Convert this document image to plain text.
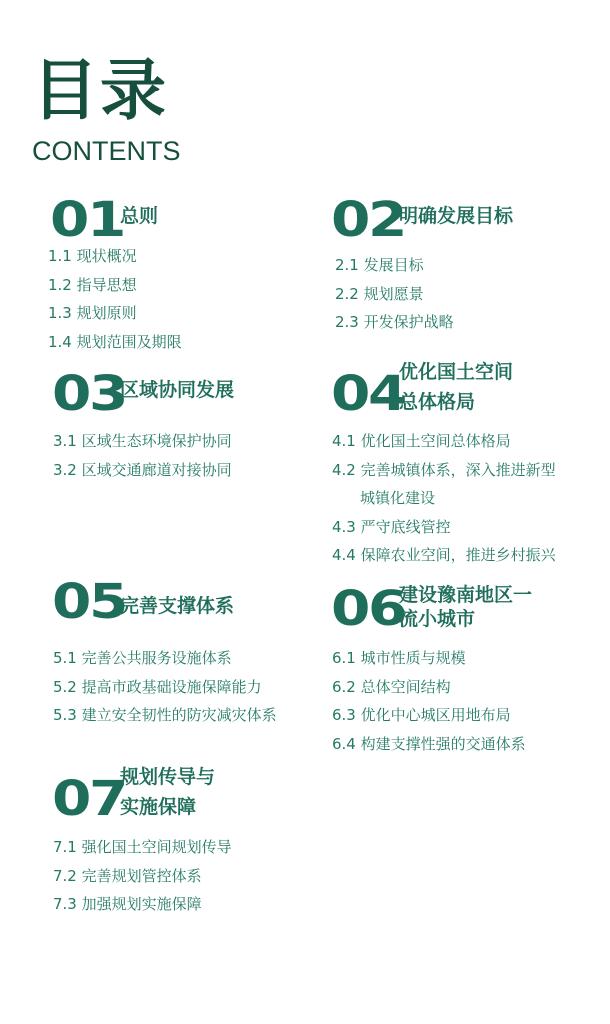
目录
CONTENTS
01
总则
1.1 现状概况
1.2 指导思想
1.3 规划原则
1.4 规划范围及期限
02
明确发展目标
2.1 发展目标
2.2 规划愿景
2.3 开发保护战略
03
区域协同发展
3.1 区域生态环境保护协同
3.2 区域交通廊道对接协同
04
优化国土空间
总体格局
4.1 优化国土空间总体格局
4.2 完善城镇体系，深入推进新型
城镇化建设
4.3 严守底线管控
4.4 保障农业空间，推进乡村振兴
05
完善支撑体系
5.1 完善公共服务设施体系
5.2 提高市政基础设施保障能力
5.3 建立安全韧性的防灾减灾体系
06
建设豫南地区一
流小城市
6.1 城市性质与规模
6.2 总体空间结构
6.3 优化中心城区用地布局
6.4 构建支撑性强的交通体系
07
规划传导与
实施保障
7.1 强化国土空间规划传导
7.2 完善规划管控体系
7.3 加强规划实施保障
